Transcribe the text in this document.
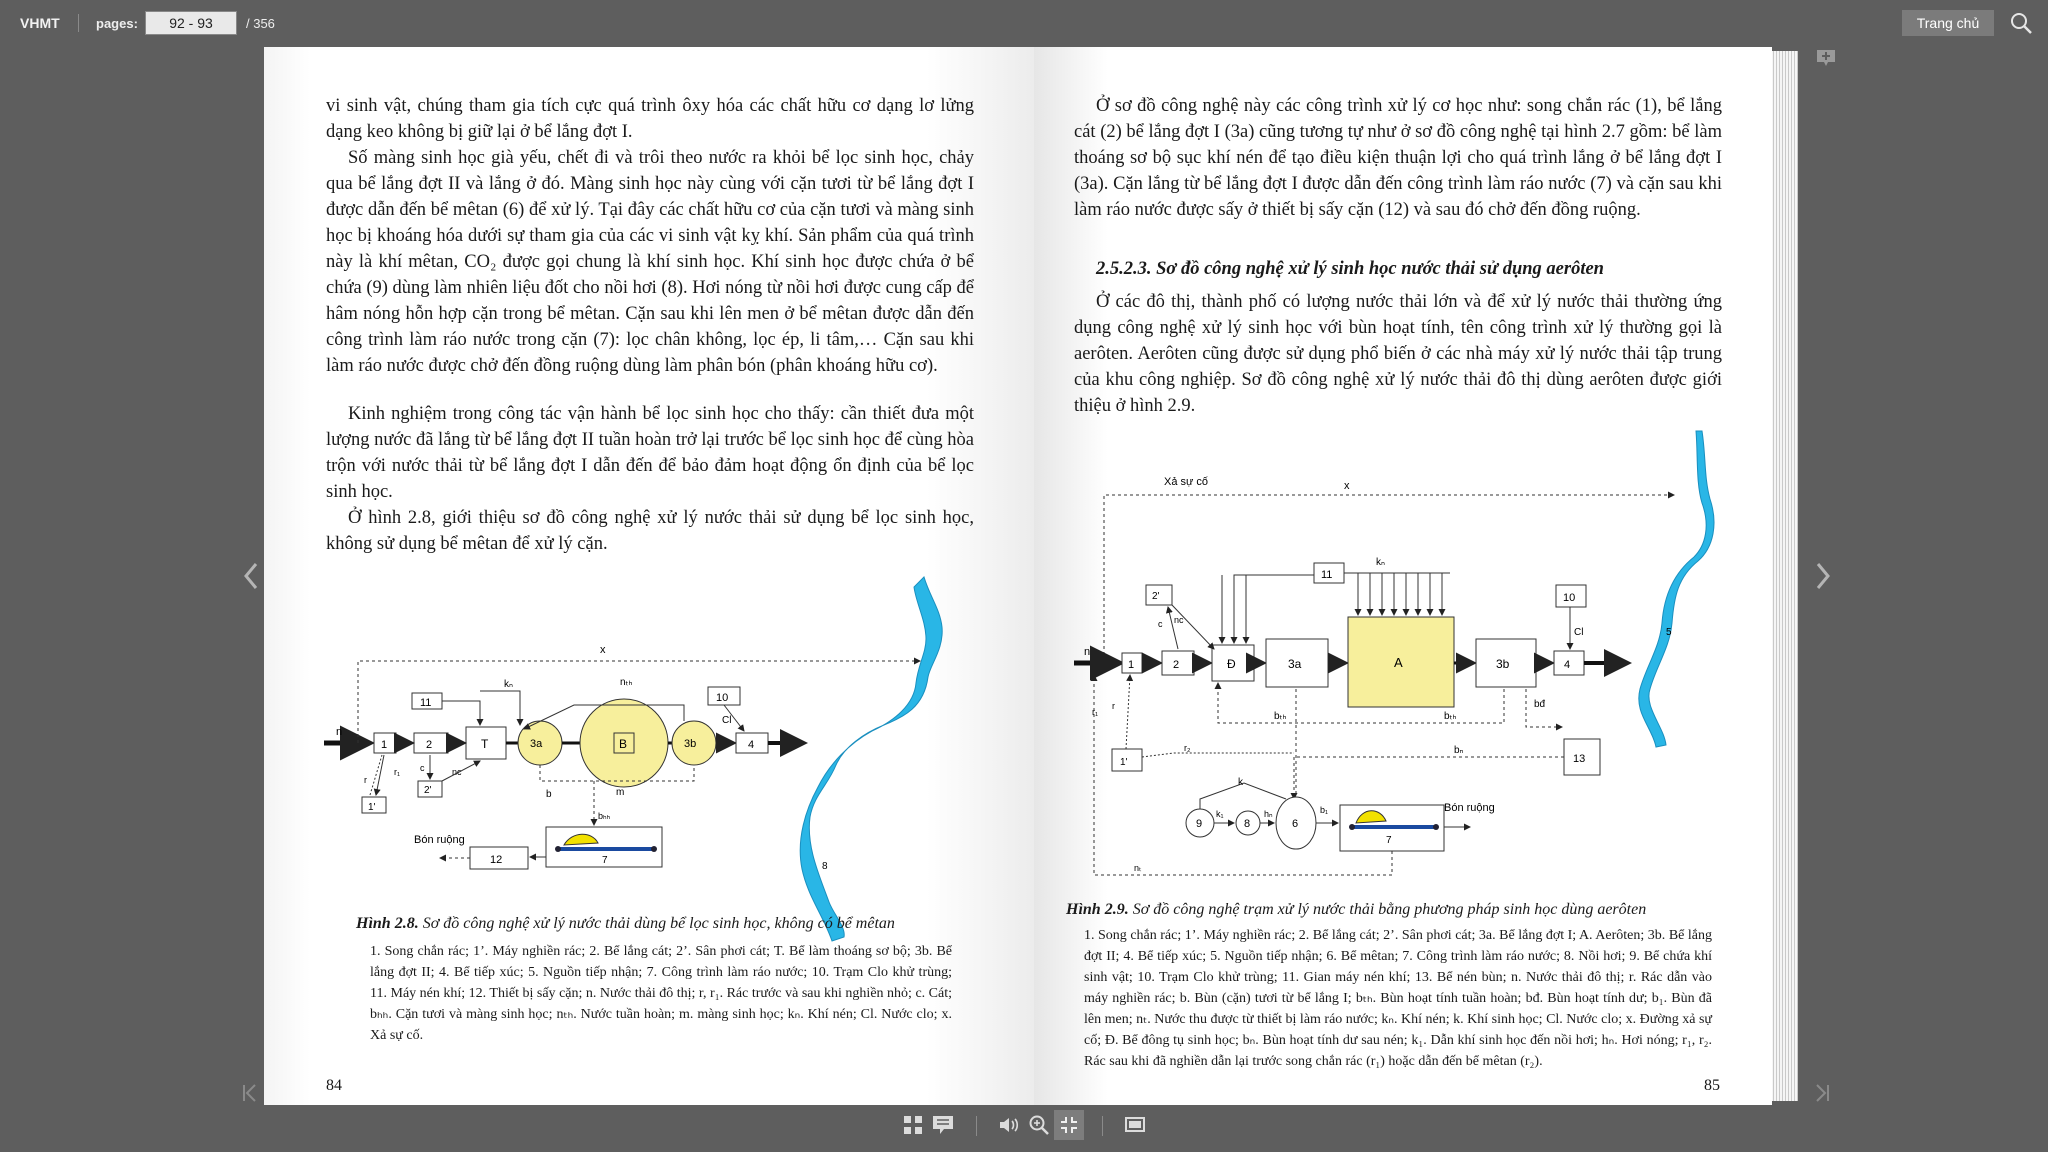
VHMT	pages:
92 - 93	/ 356	Trang chủ

vi sinh vật, chúng tham gia tích cực quá trình ôxy hóa các chất hữu cơ dạng lơ lửng dạng keo không bị giữ lại ở bể lắng đợt I.

Số màng sinh học già yếu, chết đi và trôi theo nước ra khỏi bể lọc sinh học, chảy qua bể lắng đợt II và lắng ở đó. Màng sinh học này cùng với cặn tươi từ bể lắng đợt I được dẫn đến bể mêtan (6) để xử lý. Tại đây các chất hữu cơ của cặn tươi và màng sinh học bị khoáng hóa dưới sự tham gia của các vi sinh vật kỵ khí. Sản phẩm của quá trình này là khí mêtan, CO₂ được gọi chung là khí sinh học. Khí sinh học được chứa ở bể chứa (9) dùng làm nhiên liệu đốt cho nồi hơi (8). Hơi nóng từ nồi hơi được cung cấp để hâm nóng hỗn hợp cặn trong bể mêtan. Cặn sau khi lên men ở bể mêtan được dẫn đến công trình làm ráo nước trong cặn (7): lọc chân không, lọc ép, li tâm,… Cặn sau khi làm ráo nước được chở đến đồng ruộng dùng làm phân bón (phân khoáng hữu cơ).

Kinh nghiệm trong công tác vận hành bể lọc sinh học cho thấy: cần thiết đưa một lượng nước đã lắng từ bể lắng đợt II tuần hoàn trở lại trước bể lọc sinh học để cùng hòa trộn với nước thải từ bể lắng đợt I dẫn đến để bảo đảm hoạt động ổn định của bể lọc sinh học.

Ở hình 2.8, giới thiệu sơ đồ công nghệ xử lý nước thải sử dụng bể lọc sinh học, không sử dụng bể mêtan để xử lý cặn.

8
n
x
1	2	T
11
kₙ
3a	B	3b	4
10
Cl
nₜₕ
b	m
bₕₕ
1'
r
r₁
2'
c	nc
7
12
Bón ruộng
Hình 2.8. Sơ đồ công nghệ xử lý nước thải dùng bể lọc sinh học, không có bể mêtan

1. Song chắn rác; 1’. Máy nghiền rác; 2. Bể lắng cát; 2’. Sân phơi cát; T. Bể làm thoáng sơ bộ; 3b. Bể lắng đợt II; 4. Bể tiếp xúc; 5. Nguồn tiếp nhận; 7. Công trình làm ráo nước; 10. Trạm Clo khử trùng; 11. Máy nén khí; 12. Thiết bị sấy cặn; n. Nước thải đô thị; r, r₁. Rác trước và sau khi nghiền nhỏ; c. Cát; bₕₕ. Cặn tươi và màng sinh học; nₜₕ. Nước tuần hoàn; m. màng sinh học; kₙ. Khí nén; Cl. Nước clo; x. Xả sự cố.

84

Ở sơ đồ công nghệ này các công trình xử lý cơ học như: song chắn rác (1), bể lắng cát (2) bể lắng đợt I (3a) cũng tương tự như ở sơ đồ công nghệ tại hình 2.7 gồm: bể làm thoáng sơ bộ sục khí nén để tạo điều kiện thuận lợi cho quá trình lắng ở bể lắng đợt I (3a). Cặn lắng từ bể lắng đợt I được dẫn đến công trình làm ráo nước (7) và cặn sau khi làm ráo nước được sấy ở thiết bị sấy cặn (12) và sau đó chở đến đồng ruộng.

2.5.2.3. Sơ đồ công nghệ xử lý sinh học nước thải sử dụng aerôten

Ở các đô thị, thành phố có lượng nước thải lớn và để xử lý nước thải thường ứng dụng công nghệ xử lý sinh học với bùn hoạt tính, tên công trình xử lý thường gọi là aerôten. Aerôten cũng được sử dụng phổ biến ở các nhà máy xử lý nước thải tập trung của khu công nghiệp. Sơ đồ công nghệ xử lý nước thải đô thị dùng aerôten được giới thiệu ở hình 2.9.

5
Xả sự cố	x
n
1	2	Đ	3a	A	3b	4
11
kₙ
10
Cl
2'
c nc
bₜₕ	bₜₕ
bđ
13
bₙ
1'
r
r₁
r₂
9	8	6
k₁	hₙ
k
7
b₁	Bón ruộng
nₜ
Hình 2.9. Sơ đồ công nghệ trạm xử lý nước thải bằng phương pháp sinh học dùng aerôten

1. Song chắn rác; 1’. Máy nghiền rác; 2. Bể lắng cát; 2’. Sân phơi cát; 3a. Bể lắng đợt I; A. Aerôten; 3b. Bể lắng đợt II; 4. Bể tiếp xúc; 5. Nguồn tiếp nhận; 6. Bể mêtan; 7. Công trình làm ráo nước; 8. Nồi hơi; 9. Bể chứa khí sinh vật; 10. Trạm Clo khử trùng; 11. Gian máy nén khí; 13. Bể nén bùn; n. Nước thải đô thị; r. Rác dẫn vào máy nghiền rác; b. Bùn (cặn) tươi từ bể lắng I; bₜₕ. Bùn hoạt tính tuần hoàn; bđ. Bùn hoạt tính dư; b₁. Bùn đã lên men; nₜ. Nước thu được từ thiết bị làm ráo nước; kₙ. Khí nén; k. Khí sinh học; Cl. Nước clo; x. Đường xả sự cố; Đ. Bể đông tụ sinh học; bₙ. Bùn hoạt tính dư sau nén; k₁. Dẫn khí sinh học đến nồi hơi; hₙ. Hơi nóng; r₁, r₂. Rác sau khi đã nghiền dẫn lại trước song chắn rác (r₁) hoặc dẫn đến bể mêtan (r₂).

85
